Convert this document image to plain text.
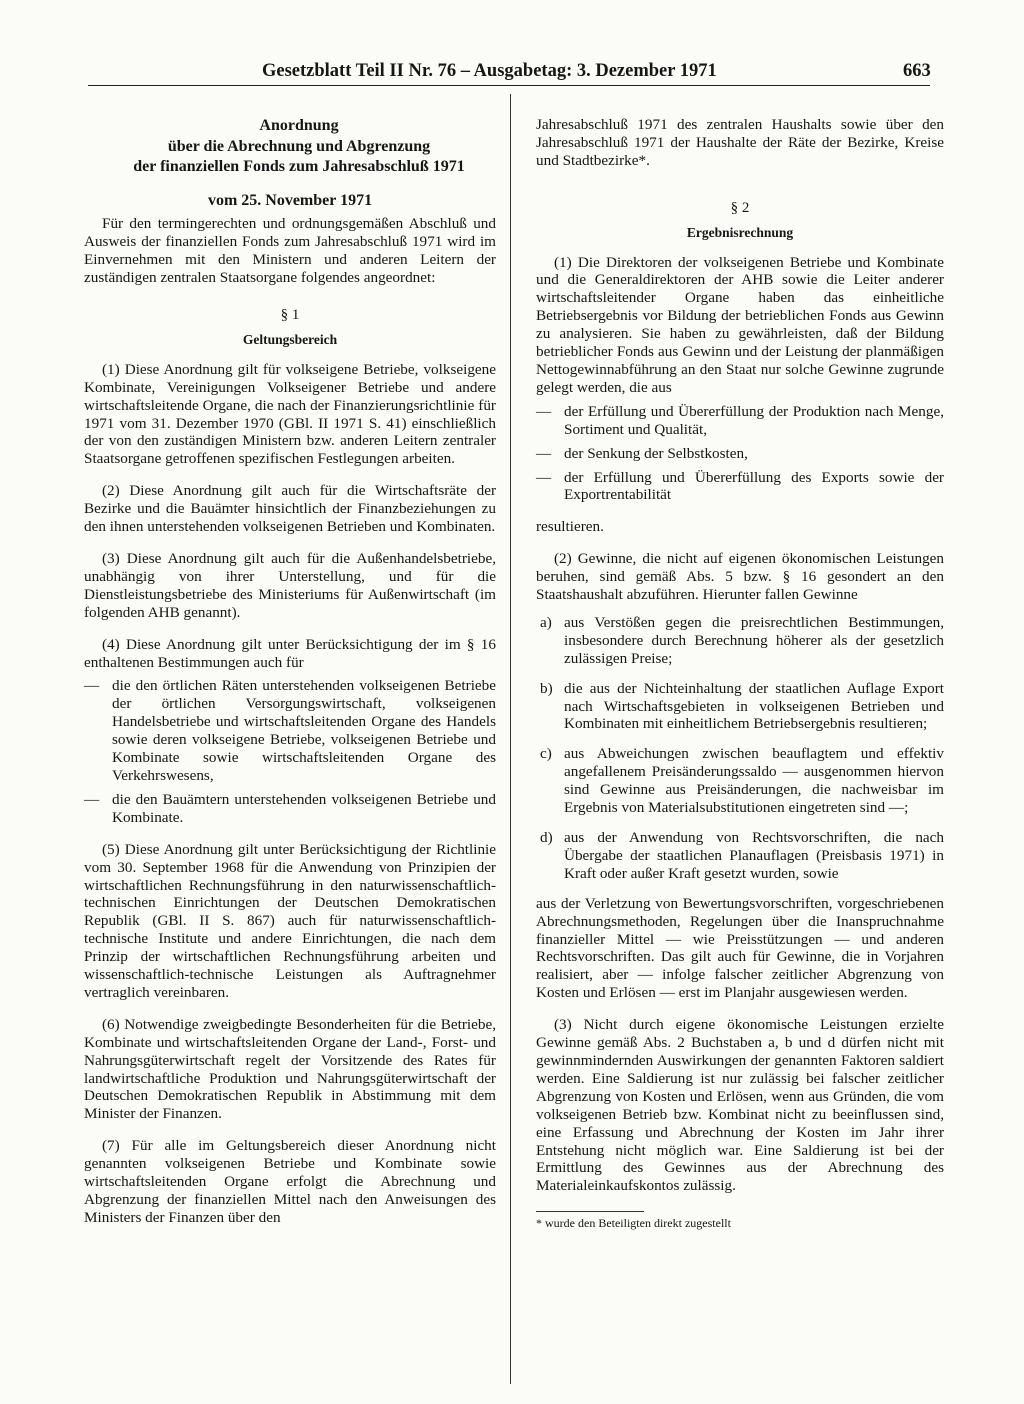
Gesetzblatt Teil II Nr. 76 – Ausgabetag: 3. Dezember 1971	663

Anordnung

über die Abrechnung und Abgrenzung

der finanziellen Fonds zum Jahresabschluß 1971

vom 25. November 1971

Für den termingerechten und ordnungsgemäßen Abschluß und Ausweis der finanziellen Fonds zum Jahresabschluß 1971 wird im Einvernehmen mit den Ministern und anderen Leitern der zuständigen zentralen Staatsorgane folgendes angeordnet:

§ 1
Geltungsbereich

(1) Diese Anordnung gilt für volkseigene Betriebe, volkseigene Kombinate, Vereinigungen Volkseigener Betriebe und andere wirtschaftsleitende Organe, die nach der Finanzierungsrichtlinie für 1971 vom 31. Dezember 1970 (GBl. II 1971 S. 41) einschließlich der von den zuständigen Ministern bzw. anderen Leitern zentraler Staatsorgane getroffenen spezifischen Festlegungen arbeiten.

(2) Diese Anordnung gilt auch für die Wirtschaftsräte der Bezirke und die Bauämter hinsichtlich der Finanzbeziehungen zu den ihnen unterstehenden volkseigenen Betrieben und Kombinaten.

(3) Diese Anordnung gilt auch für die Außenhandelsbetriebe, unabhängig von ihrer Unterstellung, und für die Dienstleistungsbetriebe des Ministeriums für Außenwirtschaft (im folgenden AHB genannt).

(4) Diese Anordnung gilt unter Berücksichtigung der im § 16 enthaltenen Bestimmungen auch für

— die den örtlichen Räten unterstehenden volkseigenen Betriebe der örtlichen Versorgungswirtschaft, volkseigenen Handelsbetriebe und wirtschaftsleitenden Organe des Handels sowie deren volkseigene Betriebe, volkseigenen Betriebe und Kombinate sowie wirtschaftsleitenden Organe des Verkehrswesens,
— die den Bauämtern unterstehenden volkseigenen Betriebe und Kombinate.

(5) Diese Anordnung gilt unter Berücksichtigung der Richtlinie vom 30. September 1968 für die Anwendung von Prinzipien der wirtschaftlichen Rechnungsführung in den naturwissenschaftlich-technischen Einrichtungen der Deutschen Demokratischen Republik (GBl. II S. 867) auch für naturwissenschaftlich-technische Institute und andere Einrichtungen, die nach dem Prinzip der wirtschaftlichen Rechnungsführung arbeiten und wissenschaftlich-technische Leistungen als Auftragnehmer vertraglich vereinbaren.

(6) Notwendige zweigbedingte Besonderheiten für die Betriebe, Kombinate und wirtschaftsleitenden Organe der Land-, Forst- und Nahrungsgüterwirtschaft regelt der Vorsitzende des Rates für landwirtschaftliche Produktion und Nahrungsgüterwirtschaft der Deutschen Demokratischen Republik in Abstimmung mit dem Minister der Finanzen.

(7) Für alle im Geltungsbereich dieser Anordnung nicht genannten volkseigenen Betriebe und Kombinate sowie wirtschaftsleitenden Organe erfolgt die Abrechnung und Abgrenzung der finanziellen Mittel nach den Anweisungen des Ministers der Finanzen über den

Jahresabschluß 1971 des zentralen Haushalts sowie über den Jahresabschluß 1971 der Haushalte der Räte der Bezirke, Kreise und Stadtbezirke*.

§ 2
Ergebnisrechnung

(1) Die Direktoren der volkseigenen Betriebe und Kombinate und die Generaldirektoren der AHB sowie die Leiter anderer wirtschaftsleitender Organe haben das einheitliche Betriebsergebnis vor Bildung der betrieblichen Fonds aus Gewinn zu analysieren. Sie haben zu gewährleisten, daß der Bildung betrieblicher Fonds aus Gewinn und der Leistung der planmäßigen Nettogewinnabführung an den Staat nur solche Gewinne zugrunde gelegt werden, die aus

— der Erfüllung und Übererfüllung der Produktion nach Menge, Sortiment und Qualität,
— der Senkung der Selbstkosten,
— der Erfüllung und Übererfüllung des Exports sowie der Exportrentabilität

resultieren.

(2) Gewinne, die nicht auf eigenen ökonomischen Leistungen beruhen, sind gemäß Abs. 5 bzw. § 16 gesondert an den Staatshaushalt abzuführen. Hierunter fallen Gewinne

a) aus Verstößen gegen die preisrechtlichen Bestimmungen, insbesondere durch Berechnung höherer als der gesetzlich zulässigen Preise;
b) die aus der Nichteinhaltung der staatlichen Auflage Export nach Wirtschaftsgebieten in volkseigenen Betrieben und Kombinaten mit einheitlichem Betriebsergebnis resultieren;
c) aus Abweichungen zwischen beauflagtem und effektiv angefallenem Preisänderungssaldo — ausgenommen hiervon sind Gewinne aus Preisänderungen, die nachweisbar im Ergebnis von Materialsubstitutionen eingetreten sind —;
d) aus der Anwendung von Rechtsvorschriften, die nach Übergabe der staatlichen Planauflagen (Preisbasis 1971) in Kraft oder außer Kraft gesetzt wurden, sowie

aus der Verletzung von Bewertungsvorschriften, vorgeschriebenen Abrechnungsmethoden, Regelungen über die Inanspruchnahme finanzieller Mittel — wie Preisstützungen — und anderen Rechtsvorschriften. Das gilt auch für Gewinne, die in Vorjahren realisiert, aber — infolge falscher zeitlicher Abgrenzung von Kosten und Erlösen — erst im Planjahr ausgewiesen werden.

(3) Nicht durch eigene ökonomische Leistungen erzielte Gewinne gemäß Abs. 2 Buchstaben a, b und d dürfen nicht mit gewinnmindernden Auswirkungen der genannten Faktoren saldiert werden. Eine Saldierung ist nur zulässig bei falscher zeitlicher Abgrenzung von Kosten und Erlösen, wenn aus Gründen, die vom volkseigenen Betrieb bzw. Kombinat nicht zu beeinflussen sind, eine Erfassung und Abrechnung der Kosten im Jahr ihrer Entstehung nicht möglich war. Eine Saldierung ist bei der Ermittlung des Gewinnes aus der Abrechnung des Materialeinkaufskontos zulässig.

* wurde den Beteiligten direkt zugestellt
